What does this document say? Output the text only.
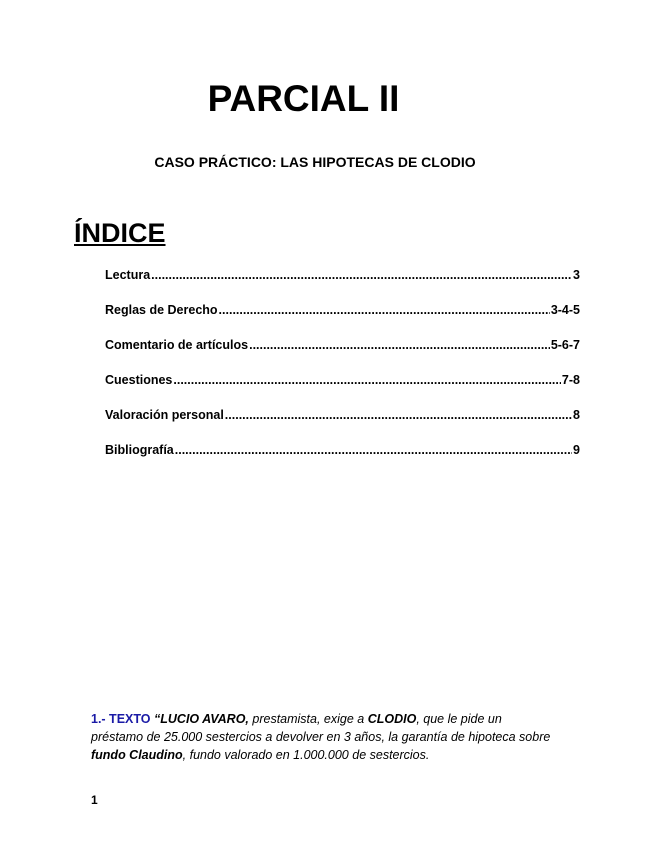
PARCIAL II
CASO PRÁCTICO: LAS HIPOTECAS DE CLODIO
ÍNDICE
Lectura .....	3
Reglas de Derecho .....	3-4-5
Comentario de artículos .....	5-6-7
Cuestiones .....	7-8
Valoración personal .....	8
Bibliografía .....	9
1.- TEXTO “LUCIO AVARO, prestamista, exige a CLODIO, que le pide un préstamo de 25.000 sestercios a devolver en 3 años, la garantía de hipoteca sobre fundo Claudino, fundo valorado en 1.000.000 de sestercios.
1
